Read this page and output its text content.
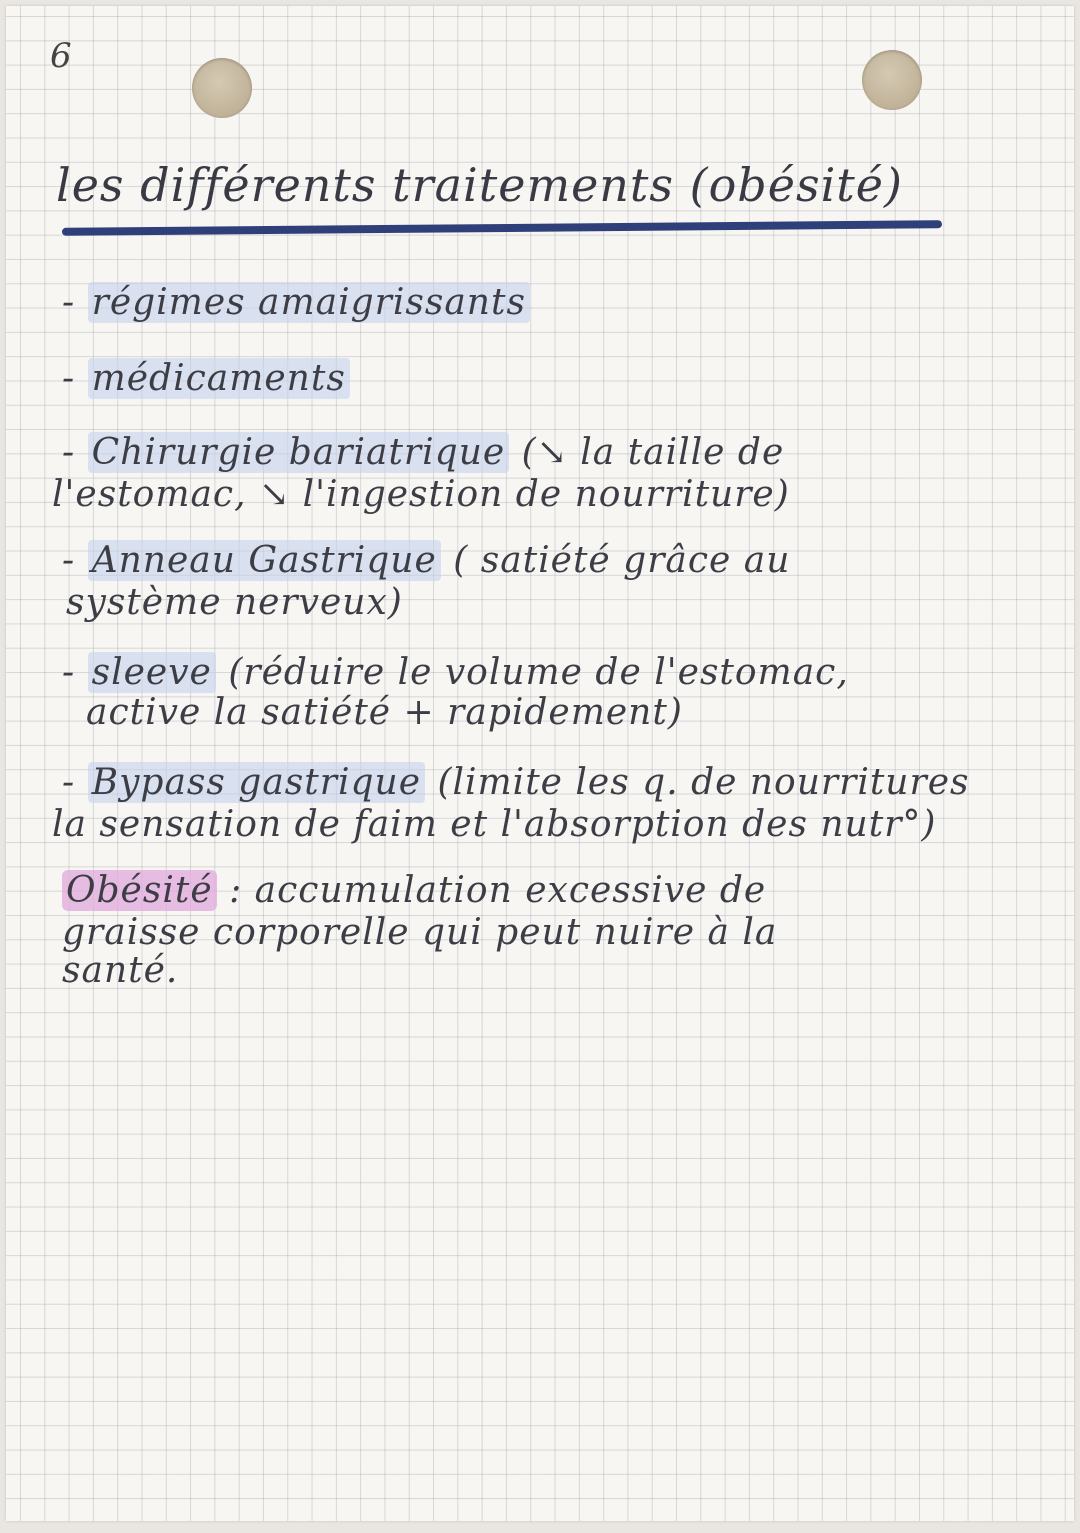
6
les différents traitements (obésité)
- régimes amaigrissants
- médicaments
- Chirurgie bariatrique (↘ la taille de
l'estomac, ↘ l'ingestion de nourriture)
- Anneau Gastrique ( satiété grâce au
système nerveux)
- sleeve (réduire le volume de l'estomac,
active la satiété + rapidement)
- Bypass gastrique (limite les q. de nourritures
la sensation de faim et l'absorption des nutr°)
Obésité : accumulation excessive de
graisse corporelle qui peut nuire à la
santé.
